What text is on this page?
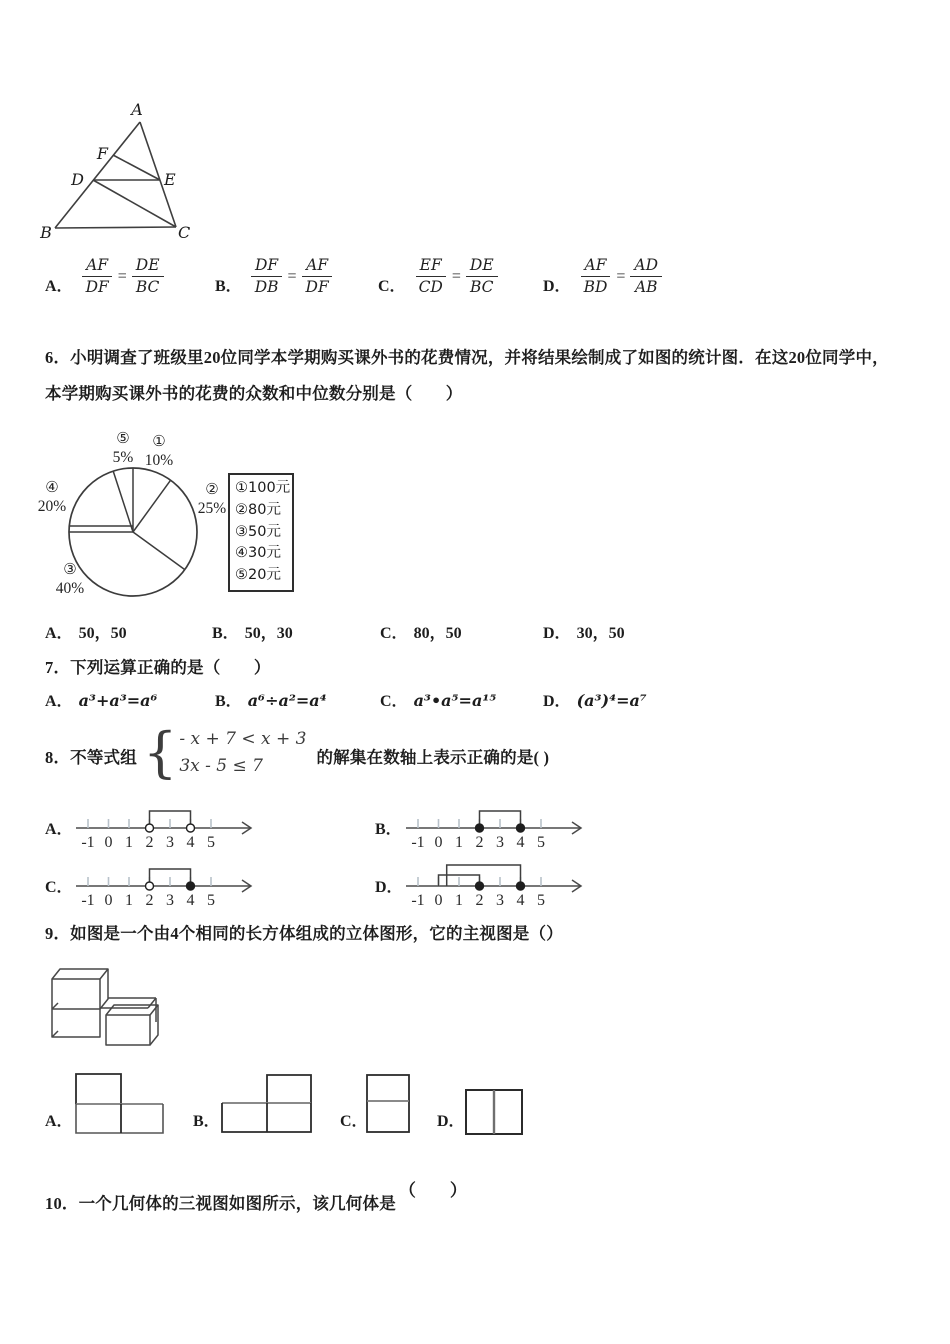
A
F
D	E
B	C
A． $\frac{AF}{DF} = \frac{DE}{BC}$	B． $\frac{DF}{DB} = \frac{AF}{DF}$	C． $\frac{EF}{CD} = \frac{DE}{BC}$	D． $\frac{AF}{BD} = \frac{AD}{AB}$
6．小明调查了班级里20位同学本学期购买课外书的花费情况，并将结果绘制成了如图的统计图．在这20位同学中，
本学期购买课外书的花费的众数和中位数分别是（　　）
⑤
5%
①
10%
②
25%
④
20%
③
40%
①100元
②80元
③50元
④30元
⑤20元
A． 50，50	B． 50，30	C． 80，50	D． 30，50
7．下列运算正确的是（　　）
A． a³+a³=a⁶	B． a⁶÷a²=a⁴	C． a³•a⁵=a¹⁵	D． (a³)⁴=a⁷
8．不等式组 { - x + 7 < x + 3
3x - 5 ≤ 7	的解集在数轴上表示正确的是( )
A．
-1 0 1 2 3 4 5
B．
-1 0 1 2 3 4 5
C．
-1 0 1 2 3 4 5
D．
-1 0 1 2 3 4 5
9．如图是一个由4个相同的长方体组成的立体图形，它的主视图是（）
A．	B．	C．	D．
10．一个几何体的三视图如图所示，该几何体是
（　　）
